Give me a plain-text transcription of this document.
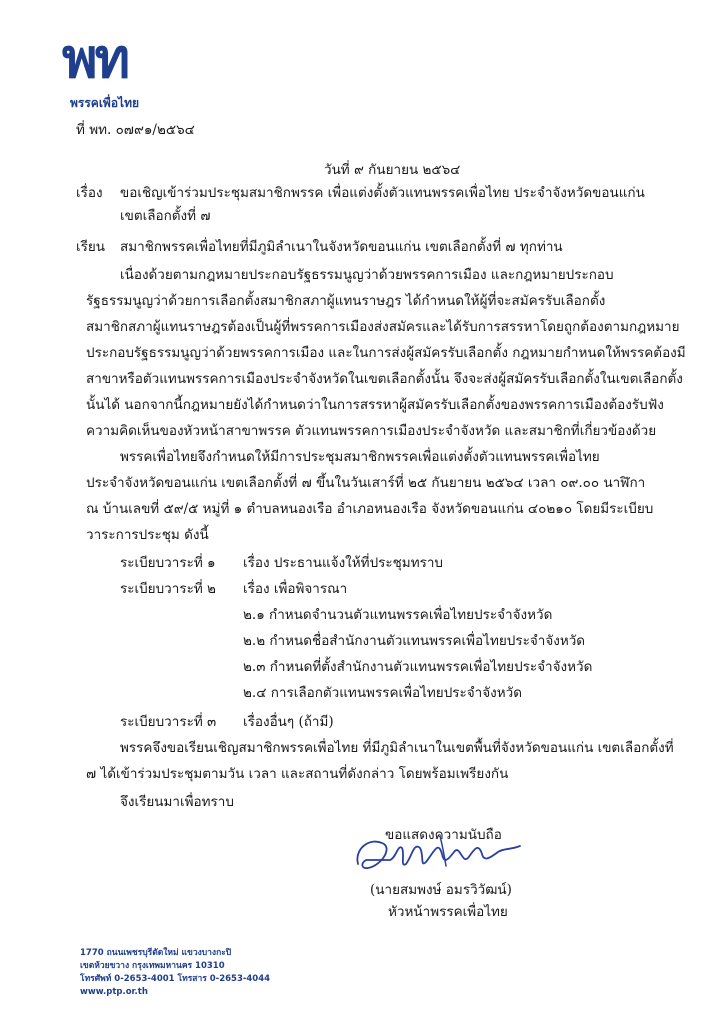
พท
พรรคเพื่อไทย
ที่ พท. ๐๗๙๑/๒๕๖๔
วันที่ ๙ กันยายน ๒๕๖๔
เรื่อง ขอเชิญเข้าร่วมประชุมสมาชิกพรรค เพื่อแต่งตั้งตัวแทนพรรคเพื่อไทย ประจำจังหวัดขอนแก่น
เขตเลือกตั้งที่ ๗
เรียน สมาชิกพรรคเพื่อไทยที่มีภูมิลำเนาในจังหวัดขอนแก่น เขตเลือกตั้งที่ ๗ ทุกท่าน
เนื่องด้วยตามกฎหมายประกอบรัฐธรรมนูญว่าด้วยพรรคการเมือง และกฎหมายประกอบ
รัฐธรรมนูญว่าด้วยการเลือกตั้งสมาชิกสภาผู้แทนราษฎร ได้กำหนดให้ผู้ที่จะสมัครรับเลือกตั้ง
สมาชิกสภาผู้แทนราษฎรต้องเป็นผู้ที่พรรคการเมืองส่งสมัครและได้รับการสรรหาโดยถูกต้องตามกฎหมาย
ประกอบรัฐธรรมนูญว่าด้วยพรรคการเมือง และในการส่งผู้สมัครรับเลือกตั้ง กฎหมายกำหนดให้พรรคต้องมี
สาขาหรือตัวแทนพรรคการเมืองประจำจังหวัดในเขตเลือกตั้งนั้น จึงจะส่งผู้สมัครรับเลือกตั้งในเขตเลือกตั้ง
นั้นได้ นอกจากนี้กฎหมายยังได้กำหนดว่าในการสรรหาผู้สมัครรับเลือกตั้งของพรรคการเมืองต้องรับฟัง
ความคิดเห็นของหัวหน้าสาขาพรรค ตัวแทนพรรคการเมืองประจำจังหวัด และสมาชิกที่เกี่ยวข้องด้วย
พรรคเพื่อไทยจึงกำหนดให้มีการประชุมสมาชิกพรรคเพื่อแต่งตั้งตัวแทนพรรคเพื่อไทย
ประจำจังหวัดขอนแก่น เขตเลือกตั้งที่ ๗ ขึ้นในวันเสาร์ที่ ๒๕ กันยายน ๒๕๖๔ เวลา ๐๙.๐๐ นาฬิกา
ณ บ้านเลขที่ ๕๙/๕ หมู่ที่ ๑ ตำบลหนองเรือ อำเภอหนองเรือ จังหวัดขอนแก่น ๔๐๒๑๐ โดยมีระเบียบ
วาระการประชุม ดังนี้
ระเบียบวาระที่ ๑ เรื่อง ประธานแจ้งให้ที่ประชุมทราบ
ระเบียบวาระที่ ๒ เรื่อง เพื่อพิจารณา
๒.๑ กำหนดจำนวนตัวแทนพรรคเพื่อไทยประจำจังหวัด
๒.๒ กำหนดชื่อสำนักงานตัวแทนพรรคเพื่อไทยประจำจังหวัด
๒.๓ กำหนดที่ตั้งสำนักงานตัวแทนพรรคเพื่อไทยประจำจังหวัด
๒.๔ การเลือกตัวแทนพรรคเพื่อไทยประจำจังหวัด
ระเบียบวาระที่ ๓ เรื่องอื่นๆ (ถ้ามี)
พรรคจึงขอเรียนเชิญสมาชิกพรรคเพื่อไทย ที่มีภูมิลำเนาในเขตพื้นที่จังหวัดขอนแก่น เขตเลือกตั้งที่
๗ ได้เข้าร่วมประชุมตามวัน เวลา และสถานที่ดังกล่าว โดยพร้อมเพรียงกัน
จึงเรียนมาเพื่อทราบ
ขอแสดงความนับถือ
(นายสมพงษ์ อมรวิวัฒน์)
หัวหน้าพรรคเพื่อไทย
1770 ถนนเพชรบุรีตัดใหม่ แขวงบางกะปิ
เขตห้วยขวาง กรุงเทพมหานคร 10310
โทรศัพท์ 0-2653-4001 โทรสาร 0-2653-4044
www.ptp.or.th
